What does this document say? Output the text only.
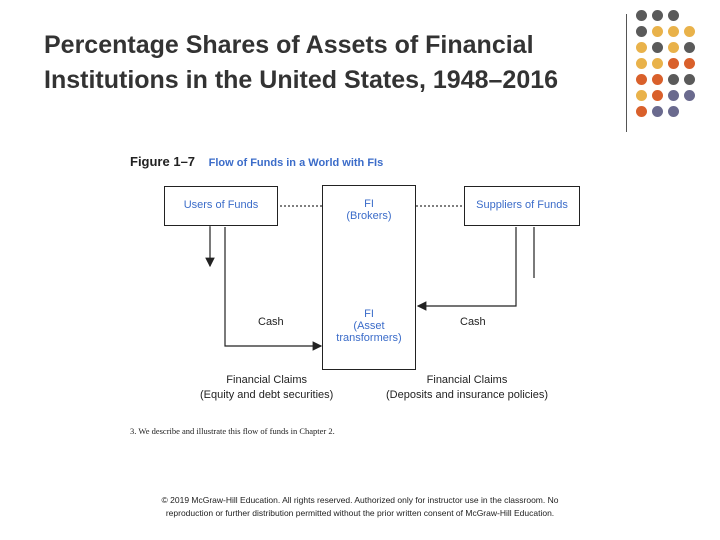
Percentage Shares of Assets of Financial
Institutions in the United States, 1948–2016
Figure 1–7 Flow of Funds in a World with FIs
Users of Funds	Suppliers of Funds
FI
(Brokers)
FI
(Asset
transformers)
Cash	Cash
Financial Claims
(Equity and debt securities)
Financial Claims
(Deposits and insurance policies)
3. We describe and illustrate this flow of funds in Chapter 2.
© 2019 McGraw-Hill Education. All rights reserved. Authorized only for instructor use in the classroom. No
reproduction or further distribution permitted without the prior written consent of McGraw-Hill Education.
